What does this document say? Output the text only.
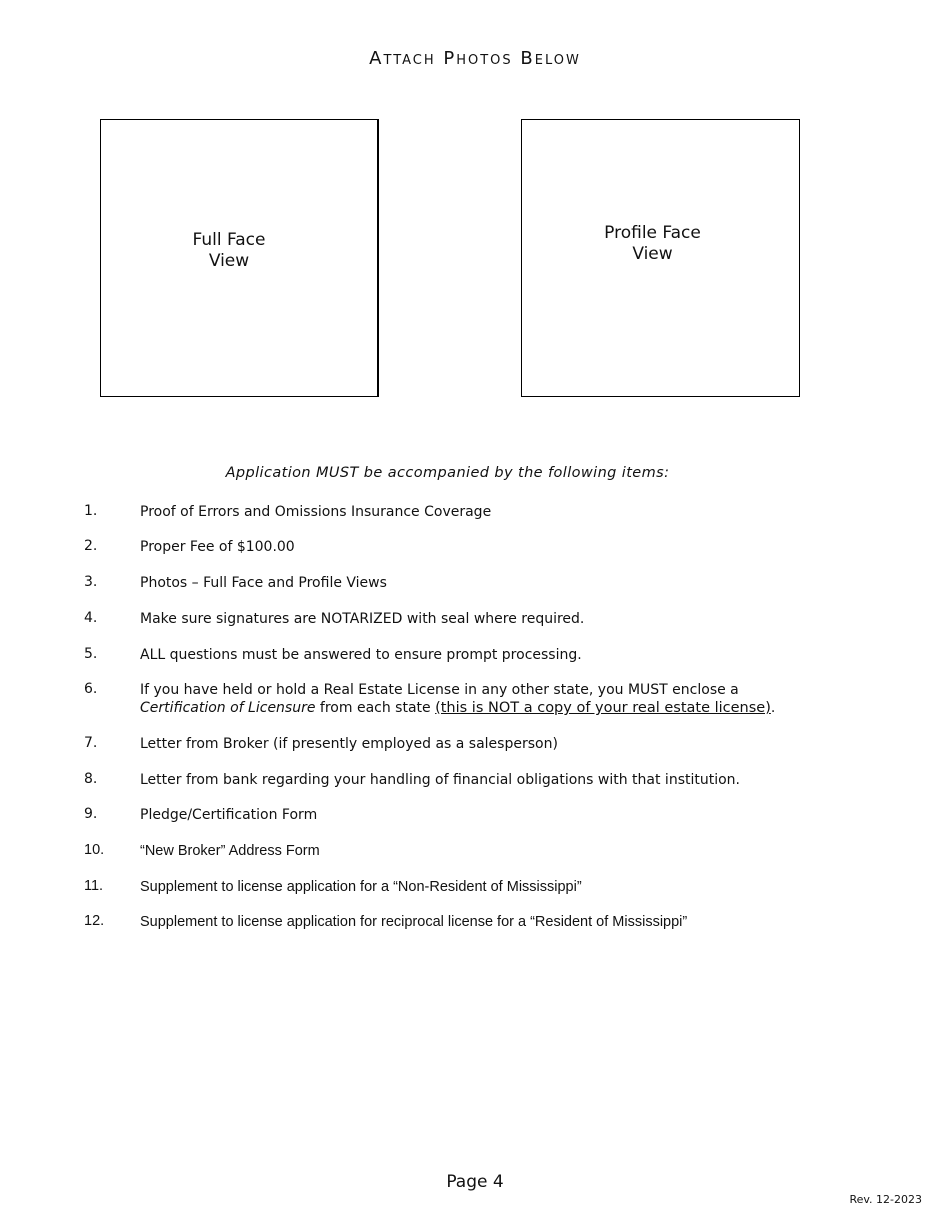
Attach Photos Below
Full Face
View
Profile Face
View
Application MUST be accompanied by the following items:
1.	Proof of Errors and Omissions Insurance Coverage
2.	Proper Fee of $100.00
3.	Photos – Full Face and Profile Views
4.	Make sure signatures are NOTARIZED with seal where required.
5.	ALL questions must be answered to ensure prompt processing.
6.	If you have held or hold a Real Estate License in any other state, you MUST enclose a
Certification of Licensure from each state (this is NOT a copy of your real estate license).
7.	Letter from Broker (if presently employed as a salesperson)
8.	Letter from bank regarding your handling of financial obligations with that institution.
9.	Pledge/Certification Form
10. “New Broker” Address Form
11.	Supplement to license application for a “Non-Resident of Mississippi”
12. Supplement to license application for reciprocal license for a “Resident of Mississippi”
Page 4
Rev. 12-2023
